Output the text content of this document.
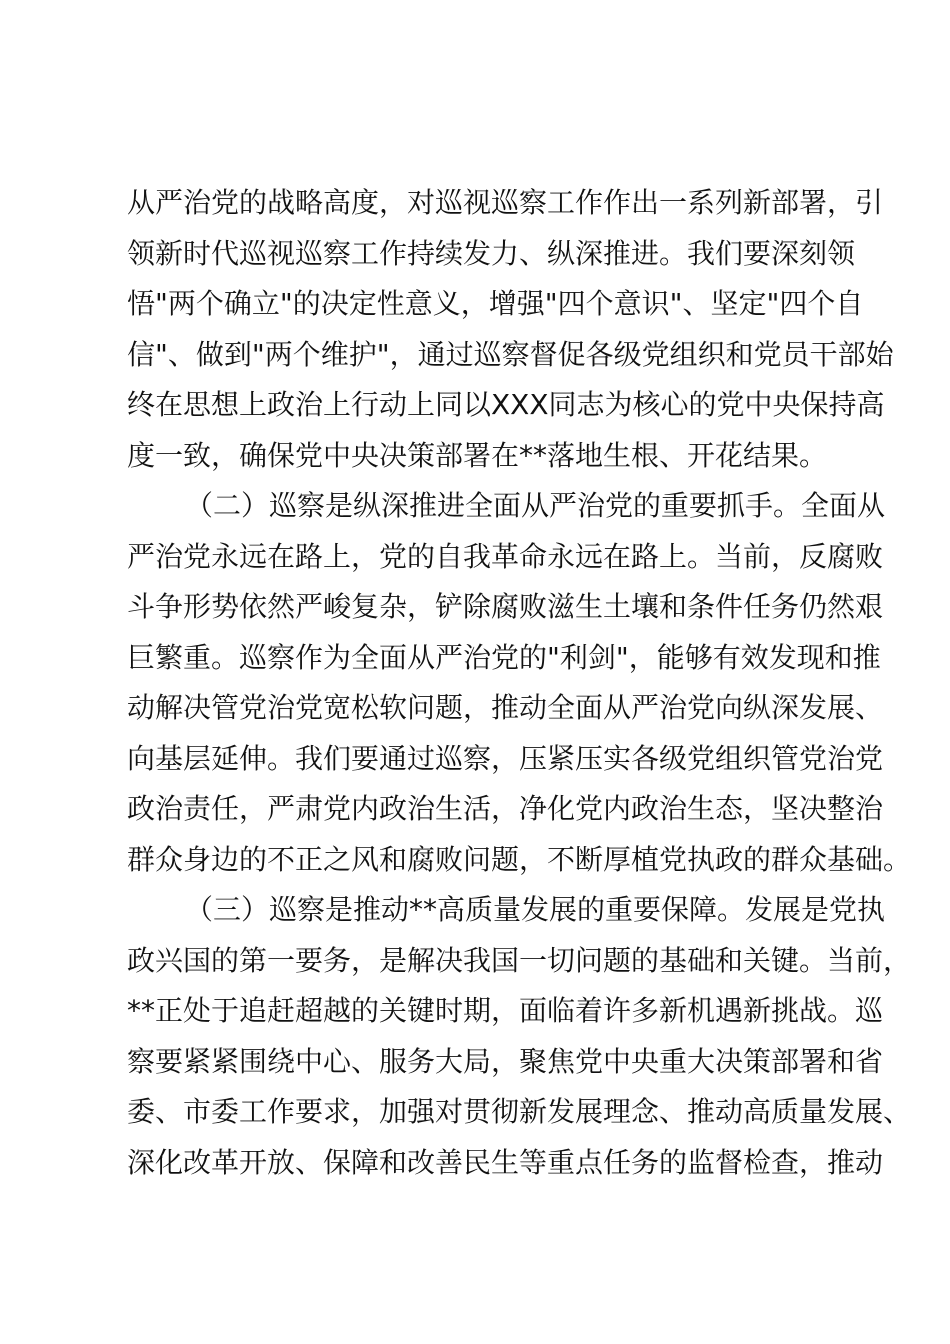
从严治党的战略高度，对巡视巡察工作作出一系列新部署，引
领新时代巡视巡察工作持续发力、纵深推进。我们要深刻领
悟"两个确立"的决定性意义，增强"四个意识"、坚定"四个自
信"、做到"两个维护"，通过巡察督促各级党组织和党员干部始
终在思想上政治上行动上同以XXX同志为核心的党中央保持高
度一致，确保党中央决策部署在**落地生根、开花结果。
（二）巡察是纵深推进全面从严治党的重要抓手。全面从
严治党永远在路上，党的自我革命永远在路上。当前，反腐败
斗争形势依然严峻复杂，铲除腐败滋生土壤和条件任务仍然艰
巨繁重。巡察作为全面从严治党的"利剑"，能够有效发现和推
动解决管党治党宽松软问题，推动全面从严治党向纵深发展、
向基层延伸。我们要通过巡察，压紧压实各级党组织管党治党
政治责任，严肃党内政治生活，净化党内政治生态，坚决整治
群众身边的不正之风和腐败问题，不断厚植党执政的群众基础。
（三）巡察是推动**高质量发展的重要保障。发展是党执
政兴国的第一要务，是解决我国一切问题的基础和关键。当前，
**正处于追赶超越的关键时期，面临着许多新机遇新挑战。巡
察要紧紧围绕中心、服务大局，聚焦党中央重大决策部署和省
委、市委工作要求，加强对贯彻新发展理念、推动高质量发展、
深化改革开放、保障和改善民生等重点任务的监督检查，推动
